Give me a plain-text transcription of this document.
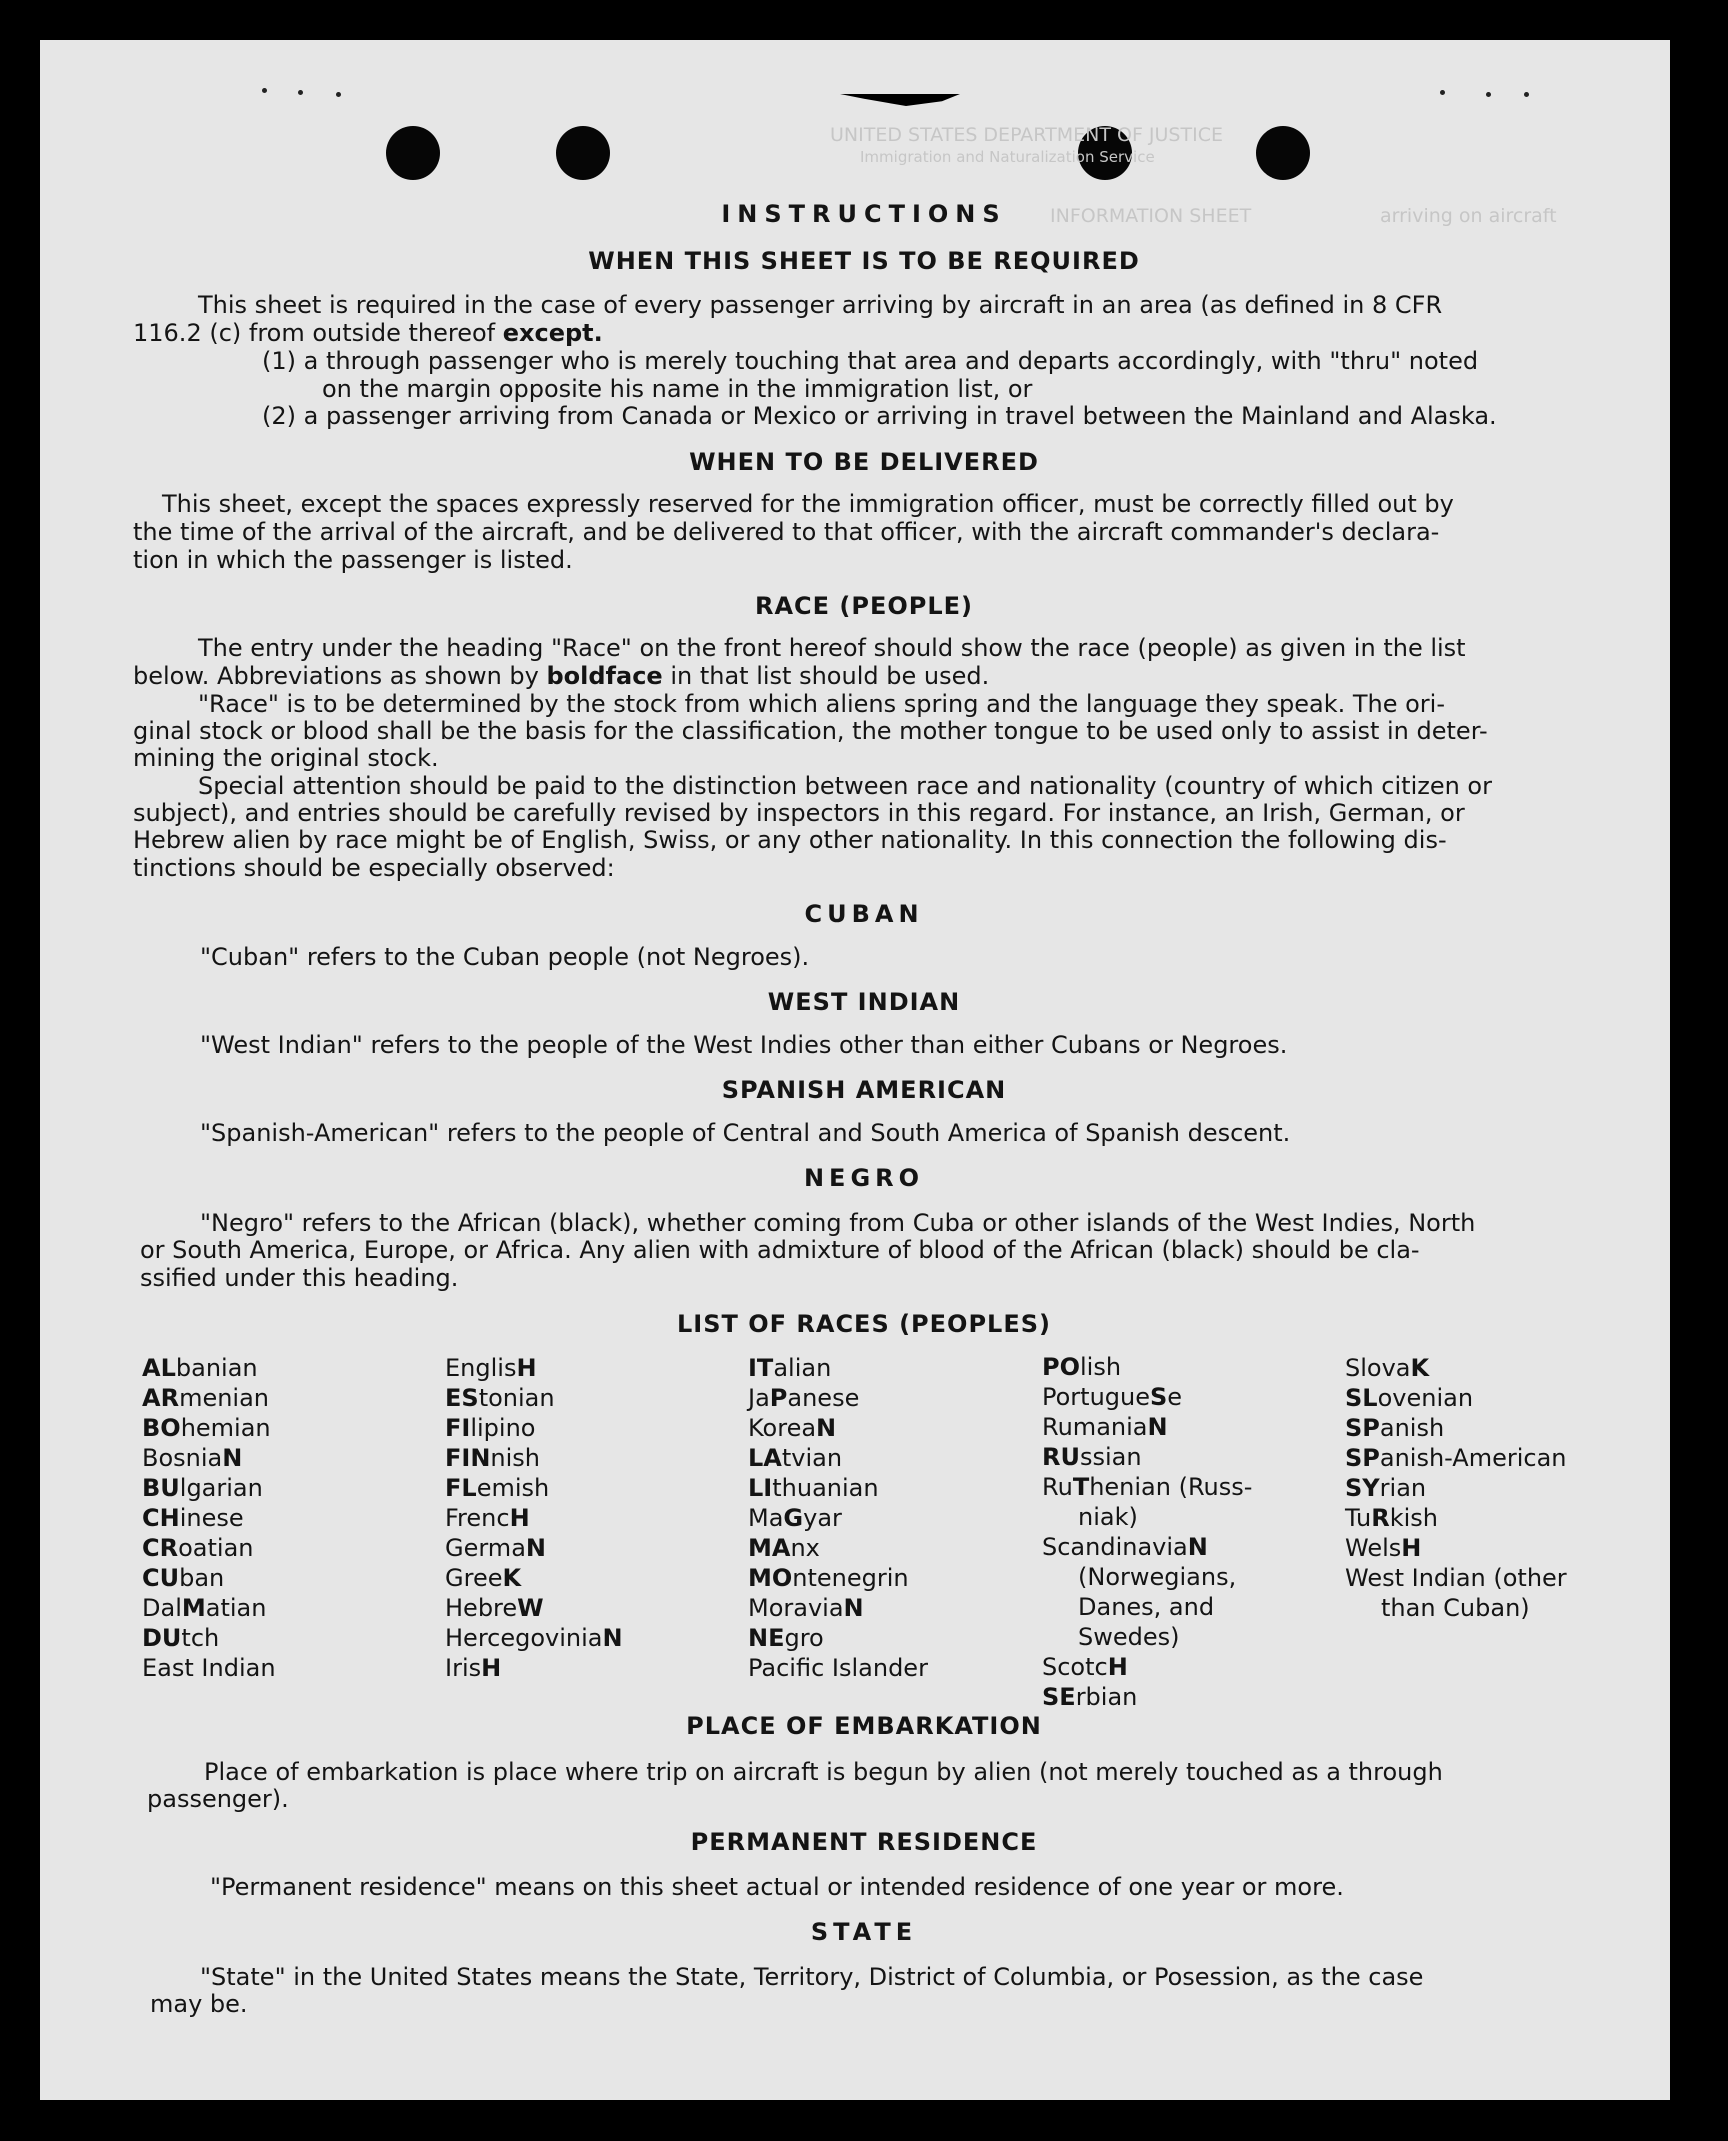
UNITED STATES DEPARTMENT OF JUSTICE
Immigration and Naturalization Service
INFORMATION SHEET	arriving on aircraft
INSTRUCTIONS
WHEN THIS SHEET IS TO BE REQUIRED
This sheet is required in the case of every passenger arriving by aircraft in an area (as defined in 8 CFR
116.2 (c) from outside thereof except.
(1) a through passenger who is merely touching that area and departs accordingly, with "thru" noted
on the margin opposite his name in the immigration list, or
(2) a passenger arriving from Canada or Mexico or arriving in travel between the Mainland and Alaska.
WHEN TO BE DELIVERED
This sheet, except the spaces expressly reserved for the immigration officer, must be correctly filled out by
the time of the arrival of the aircraft, and be delivered to that officer, with the aircraft commander's declara-
tion in which the passenger is listed.
RACE (PEOPLE)
The entry under the heading "Race" on the front hereof should show the race (people) as given in the list
below. Abbreviations as shown by boldface in that list should be used.
"Race" is to be determined by the stock from which aliens spring and the language they speak. The ori-
ginal stock or blood shall be the basis for the classification, the mother tongue to be used only to assist in deter-
mining the original stock.
Special attention should be paid to the distinction between race and nationality (country of which citizen or
subject), and entries should be carefully revised by inspectors in this regard. For instance, an Irish, German, or
Hebrew alien by race might be of English, Swiss, or any other nationality. In this connection the following dis-
tinctions should be especially observed:
CUBAN
"Cuban" refers to the Cuban people (not Negroes).
WEST INDIAN
"West Indian" refers to the people of the West Indies other than either Cubans or Negroes.
SPANISH AMERICAN
"Spanish-American" refers to the people of Central and South America of Spanish descent.
NEGRO
"Negro" refers to the African (black), whether coming from Cuba or other islands of the West Indies, North
or South America, Europe, or Africa. Any alien with admixture of blood of the African (black) should be cla-
ssified under this heading.
LIST OF RACES (PEOPLES)
ALbanian
ARmenian
BOhemian
BosniaN
BUlgarian
CHinese
CRoatian
CUban
DalMatian
DUtch
East Indian
EnglisH
EStonian
FIlipino
FINnish
FLemish
FrencH
GermaN
GreeK
HebreW
HercegoviniaN
IrisH
ITalian
JaPanese
KoreaN
LAtvian
LIthuanian
MaGyar
MAnx
MOntenegrin
MoraviaN
NEgro
Pacific Islander
POlish
PortugueSe
RumaniaN
RUssian
RuThenian (Russ-
niak)
ScandinaviaN
(Norwegians,
Danes, and
Swedes)
ScotcH
SErbian
SlovaK
SLovenian
SPanish
SPanish-American
SYrian
TuRkish
WelsH
West Indian (other
than Cuban)
PLACE OF EMBARKATION
Place of embarkation is place where trip on aircraft is begun by alien (not merely touched as a through
passenger).
PERMANENT RESIDENCE
"Permanent residence" means on this sheet actual or intended residence of one year or more.
STATE
"State" in the United States means the State, Territory, District of Columbia, or Posession, as the case
may be.
